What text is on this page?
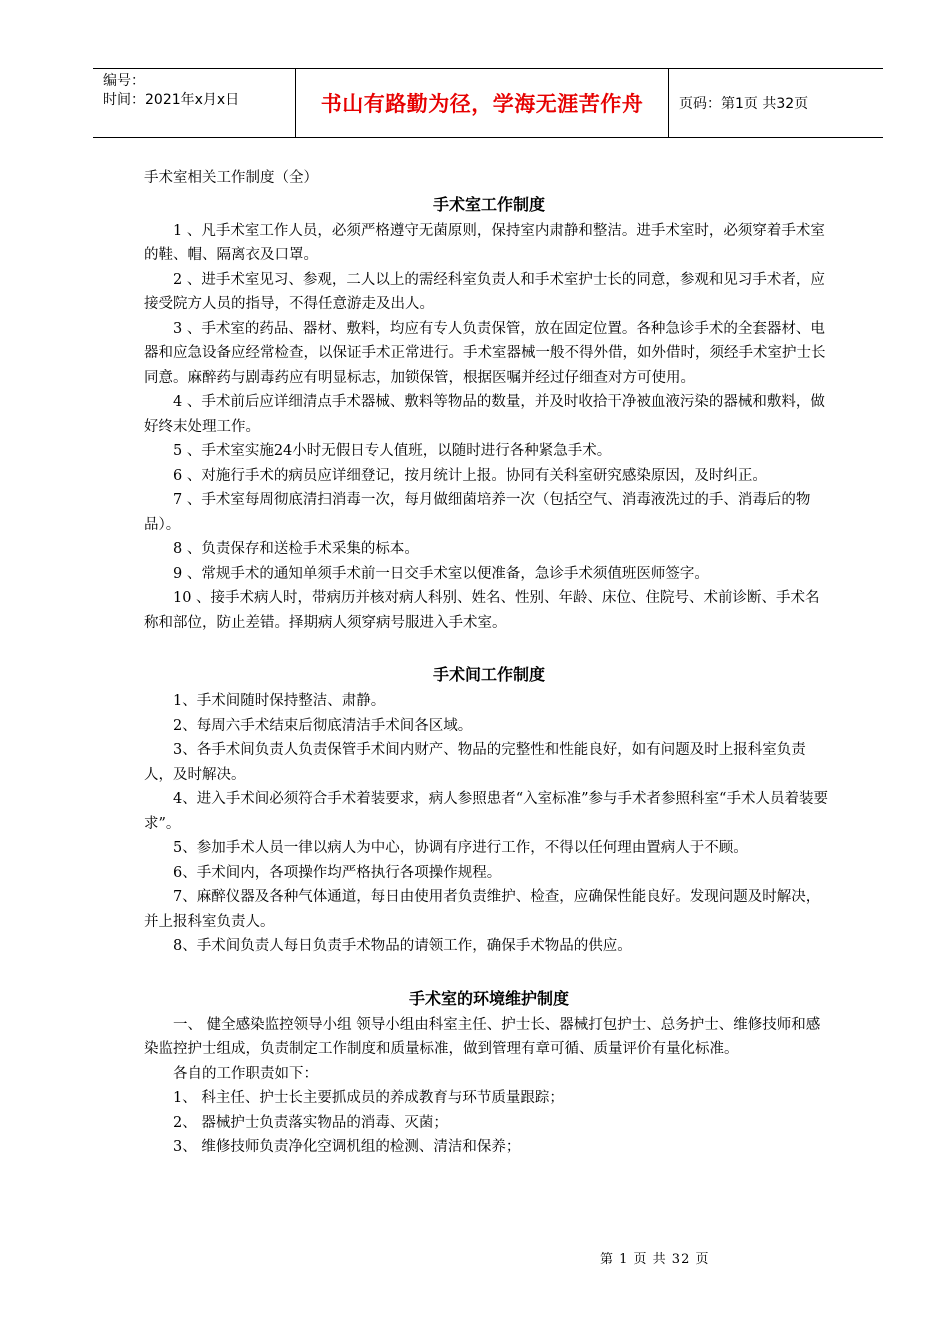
编号：
时间：2021年x月x日	书山有路勤为径，学海无涯苦作舟	页码：第1页 共32页

手术室相关工作制度（全）

手术室工作制度

1 、凡手术室工作人员，必须严格遵守无菌原则，保持室内肃静和整洁。进手术室时，必须穿着手术室的鞋、帽、隔离衣及口罩。

2 、进手术室见习、参观，二人以上的需经科室负责人和手术室护士长的同意，参观和见习手术者，应接受院方人员的指导，不得任意游走及出人。

3 、手术室的药品、器材、敷料，均应有专人负责保管，放在固定位置。各种急诊手术的全套器材、电器和应急设备应经常检查，以保证手术正常进行。手术室器械一般不得外借，如外借时，须经手术室护士长同意。麻醉药与剧毒药应有明显标志，加锁保管，根据医嘱并经过仔细查对方可使用。

4 、手术前后应详细清点手术器械、敷料等物品的数量，并及时收拾干净被血液污染的器械和敷料，做好终末处理工作。

5 、手术室实施24小时无假日专人值班，以随时进行各种紧急手术。

6 、对施行手术的病员应详细登记，按月统计上报。协同有关科室研究感染原因，及时纠正。

7 、手术室每周彻底清扫消毒一次，每月做细菌培养一次（包括空气、消毒液洗过的手、消毒后的物品）。

8 、负责保存和送检手术采集的标本。

9 、常规手术的通知单须手术前一日交手术室以便准备，急诊手术须值班医师签字。

10 、接手术病人时，带病历并核对病人科别、姓名、性别、年龄、床位、住院号、术前诊断、手术名称和部位，防止差错。择期病人须穿病号服进入手术室。

手术间工作制度

1、手术间随时保持整洁、肃静。

2、每周六手术结束后彻底清洁手术间各区域。

3、各手术间负责人负责保管手术间内财产、物品的完整性和性能良好，如有问题及时上报科室负责人，及时解决。

4、进入手术间必须符合手术着装要求，病人参照患者“入室标准”参与手术者参照科室“手术人员着装要求”。

5、参加手术人员一律以病人为中心，协调有序进行工作，不得以任何理由置病人于不顾。

6、手术间内，各项操作均严格执行各项操作规程。

7、麻醉仪器及各种气体通道，每日由使用者负责维护、检查，应确保性能良好。发现问题及时解决，并上报科室负责人。

8、手术间负责人每日负责手术物品的请领工作，确保手术物品的供应。

手术室的环境维护制度

一、 健全感染监控领导小组 领导小组由科室主任、护士长、器械打包护士、总务护士、维修技师和感染监控护士组成，负责制定工作制度和质量标准，做到管理有章可循、质量评价有量化标准。

各自的工作职责如下：

1、 科主任、护士长主要抓成员的养成教育与环节质量跟踪；

2、 器械护士负责落实物品的消毒、灭菌；

3、 维修技师负责净化空调机组的检测、清洁和保养；

第 1 页 共 32 页
